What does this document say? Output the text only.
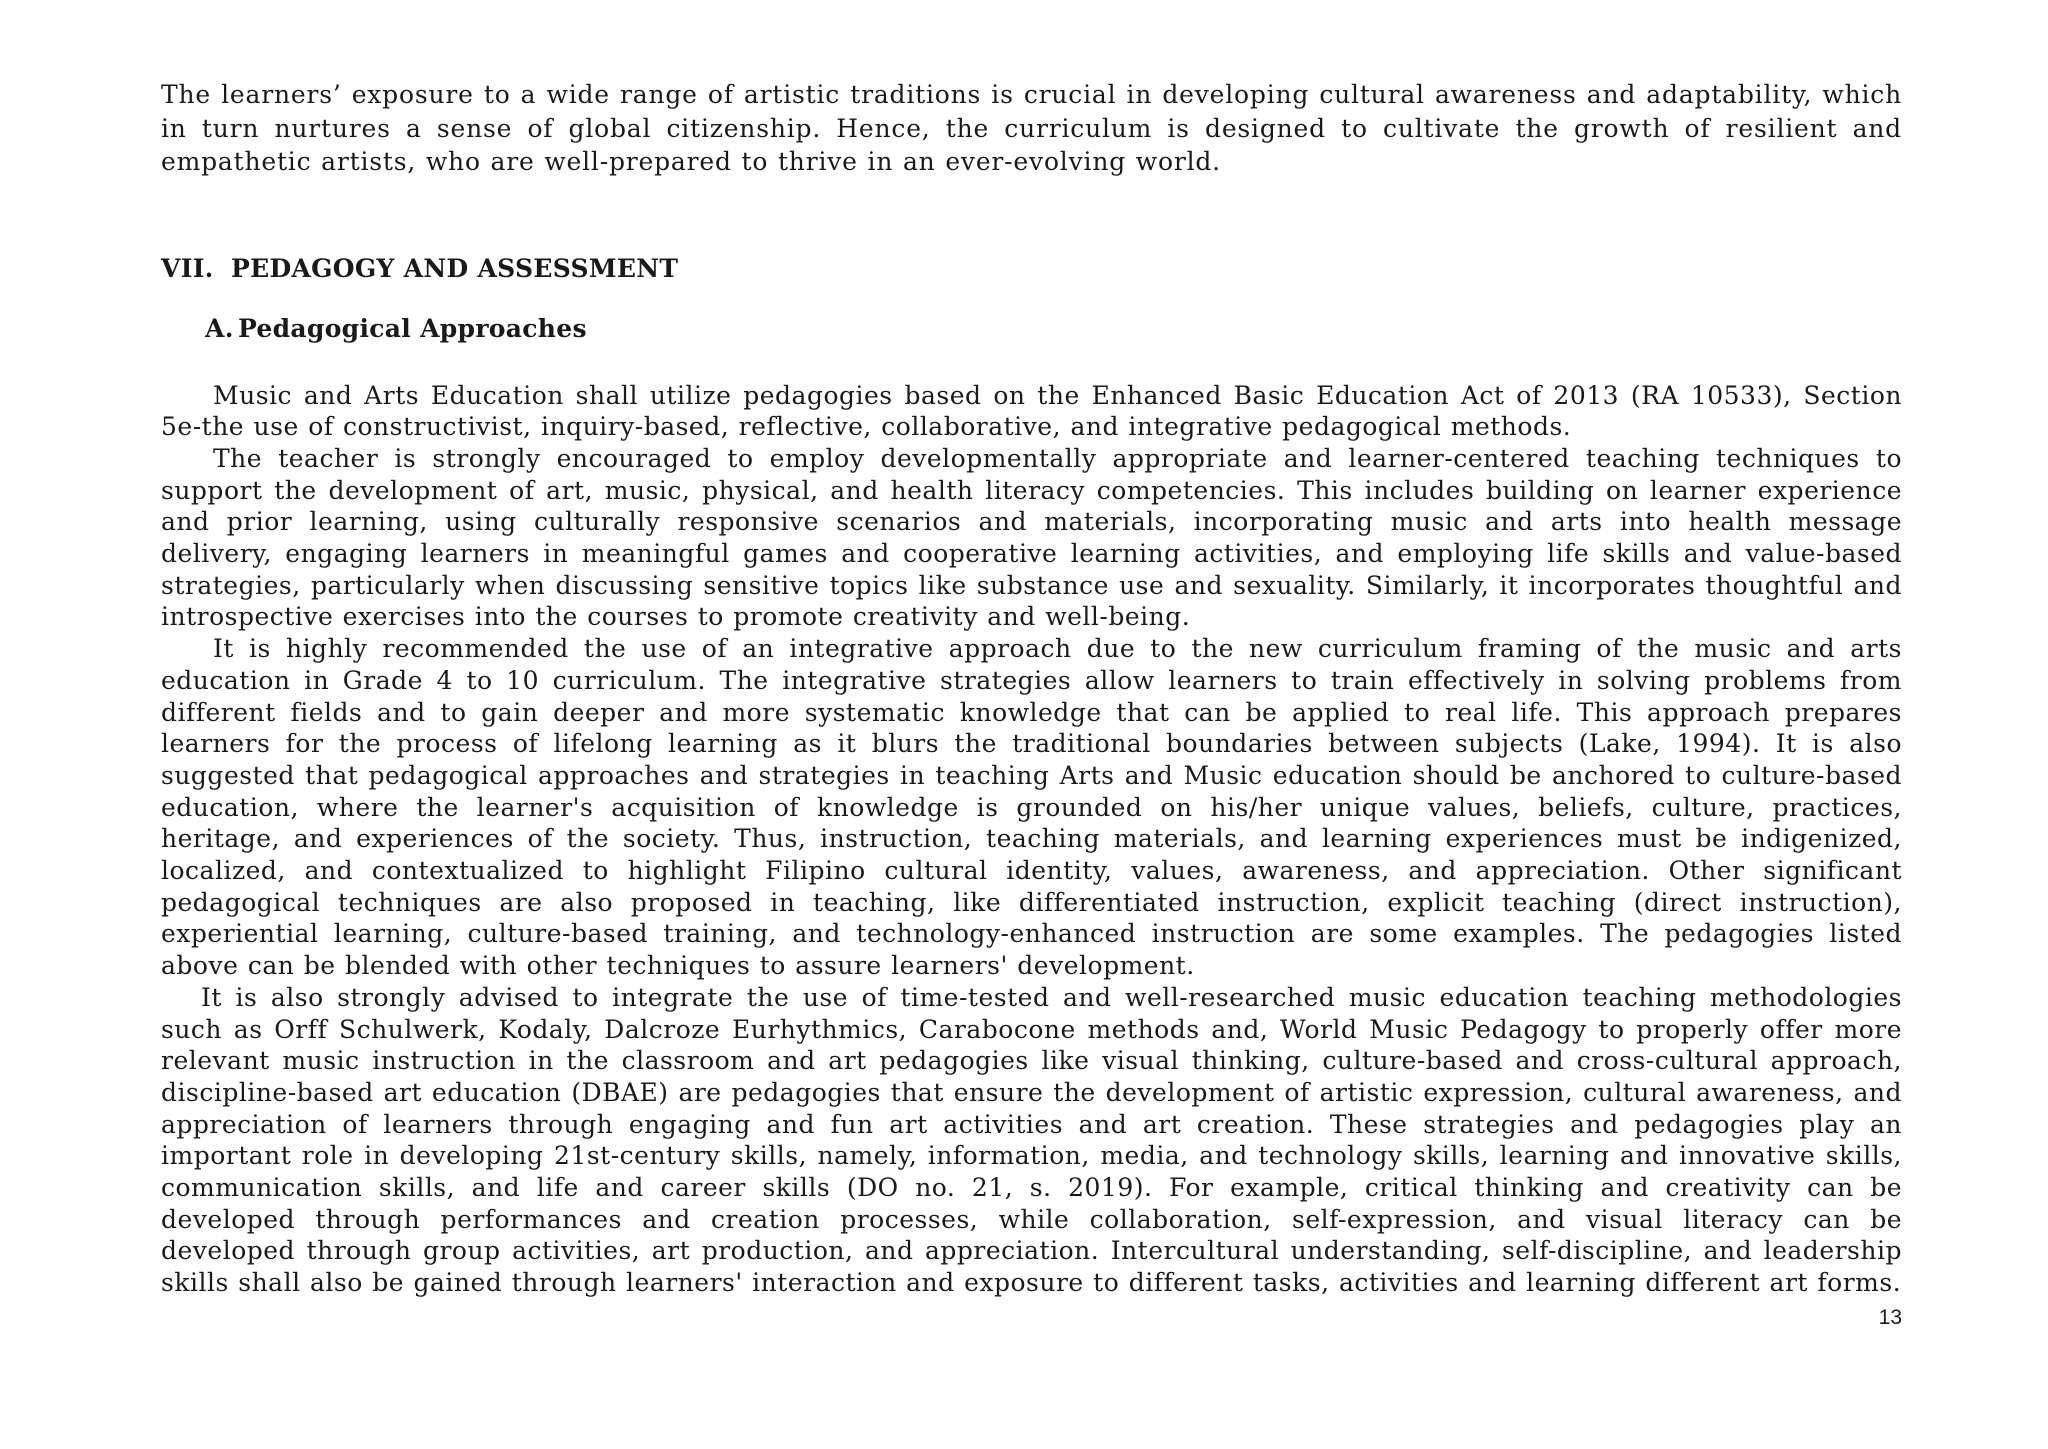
The learners’ exposure to a wide range of artistic traditions is crucial in developing cultural awareness and adaptability, which in turn nurtures a sense of global citizenship. Hence, the curriculum is designed to cultivate the growth of resilient and empathetic artists, who are well-prepared to thrive in an ever-evolving world.

VII. PEDAGOGY AND ASSESSMENT
A. Pedagogical Approaches

Music and Arts Education shall utilize pedagogies based on the Enhanced Basic Education Act of 2013 (RA 10533), Section 5e-the use of constructivist, inquiry-based, reflective, collaborative, and integrative pedagogical methods.

The teacher is strongly encouraged to employ developmentally appropriate and learner-centered teaching techniques to support the development of art, music, physical, and health literacy competencies. This includes building on learner experience and prior learning, using culturally responsive scenarios and materials, incorporating music and arts into health message delivery, engaging learners in meaningful games and cooperative learning activities, and employing life skills and value-based strategies, particularly when discussing sensitive topics like substance use and sexuality. Similarly, it incorporates thoughtful and introspective exercises into the courses to promote creativity and well-being.

It is highly recommended the use of an integrative approach due to the new curriculum framing of the music and arts education in Grade 4 to 10 curriculum. The integrative strategies allow learners to train effectively in solving problems from different fields and to gain deeper and more systematic knowledge that can be applied to real life. This approach prepares learners for the process of lifelong learning as it blurs the traditional boundaries between subjects (Lake, 1994). It is also suggested that pedagogical approaches and strategies in teaching Arts and Music education should be anchored to culture-based education, where the learner's acquisition of knowledge is grounded on his/her unique values, beliefs, culture, practices, heritage, and experiences of the society. Thus, instruction, teaching materials, and learning experiences must be indigenized, localized, and contextualized to highlight Filipino cultural identity, values, awareness, and appreciation. Other significant pedagogical techniques are also proposed in teaching, like differentiated instruction, explicit teaching (direct instruction), experiential learning, culture-based training, and technology-enhanced instruction are some examples. The pedagogies listed above can be blended with other techniques to assure learners' development.

It is also strongly advised to integrate the use of time-tested and well-researched music education teaching methodologies such as Orff Schulwerk, Kodaly, Dalcroze Eurhythmics, Carabocone methods and, World Music Pedagogy to properly offer more relevant music instruction in the classroom and art pedagogies like visual thinking, culture-based and cross-cultural approach, discipline-based art education (DBAE) are pedagogies that ensure the development of artistic expression, cultural awareness, and appreciation of learners through engaging and fun art activities and art creation. These strategies and pedagogies play an important role in developing 21st-century skills, namely, information, media, and technology skills, learning and innovative skills, communication skills, and life and career skills (DO no. 21, s. 2019). For example, critical thinking and creativity can be developed through performances and creation processes, while collaboration, self-expression, and visual literacy can be developed through group activities, art production, and appreciation. Intercultural understanding, self-discipline, and leadership skills shall also be gained through learners' interaction and exposure to different tasks, activities and learning different art forms.

13
